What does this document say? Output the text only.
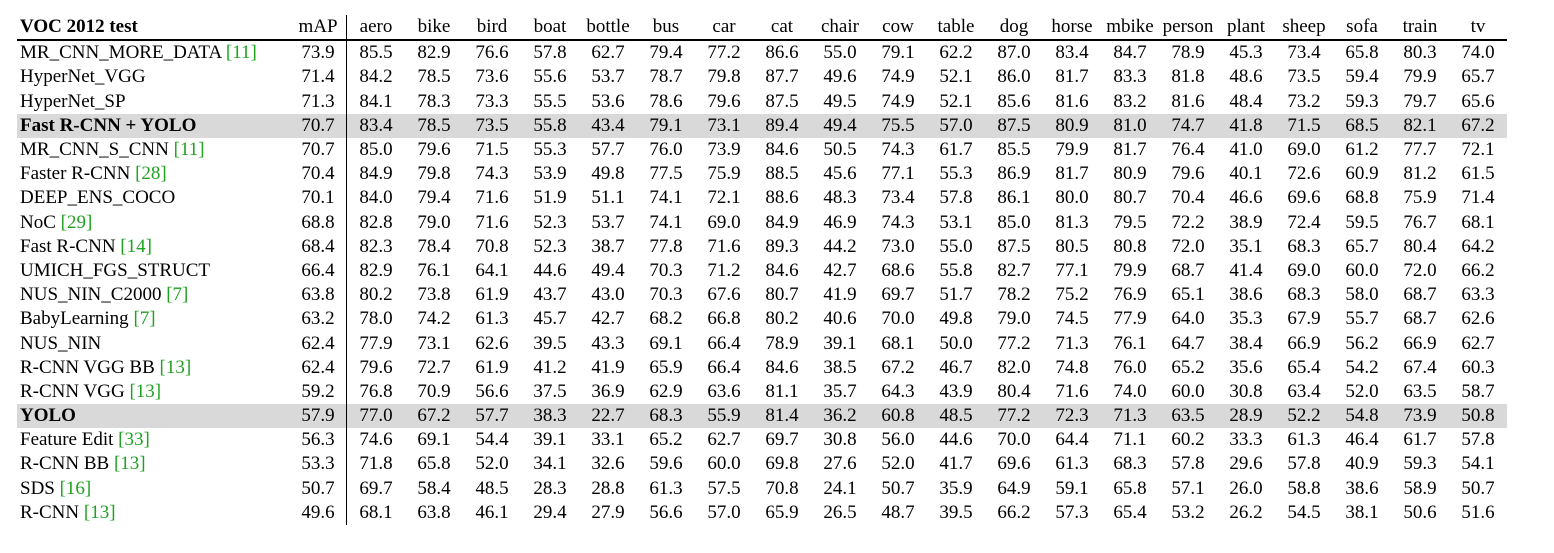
VOC 2012 test	mAP	aero	bike	bird	boat	bottle	bus	car	cat	chair	cow	table	dog	horse	mbike	person	plant	sheep	sofa	train	tv
MR_CNN_MORE_DATA [11]	73.9	85.5	82.9	76.6	57.8	62.7	79.4	77.2	86.6	55.0	79.1	62.2	87.0	83.4	84.7	78.9	45.3	73.4	65.8	80.3	74.0
HyperNet_VGG	71.4	84.2	78.5	73.6	55.6	53.7	78.7	79.8	87.7	49.6	74.9	52.1	86.0	81.7	83.3	81.8	48.6	73.5	59.4	79.9	65.7
HyperNet_SP	71.3	84.1	78.3	73.3	55.5	53.6	78.6	79.6	87.5	49.5	74.9	52.1	85.6	81.6	83.2	81.6	48.4	73.2	59.3	79.7	65.6
Fast R-CNN + YOLO	70.7	83.4	78.5	73.5	55.8	43.4	79.1	73.1	89.4	49.4	75.5	57.0	87.5	80.9	81.0	74.7	41.8	71.5	68.5	82.1	67.2
MR_CNN_S_CNN [11]	70.7	85.0	79.6	71.5	55.3	57.7	76.0	73.9	84.6	50.5	74.3	61.7	85.5	79.9	81.7	76.4	41.0	69.0	61.2	77.7	72.1
Faster R-CNN [28]	70.4	84.9	79.8	74.3	53.9	49.8	77.5	75.9	88.5	45.6	77.1	55.3	86.9	81.7	80.9	79.6	40.1	72.6	60.9	81.2	61.5
DEEP_ENS_COCO	70.1	84.0	79.4	71.6	51.9	51.1	74.1	72.1	88.6	48.3	73.4	57.8	86.1	80.0	80.7	70.4	46.6	69.6	68.8	75.9	71.4
NoC [29]	68.8	82.8	79.0	71.6	52.3	53.7	74.1	69.0	84.9	46.9	74.3	53.1	85.0	81.3	79.5	72.2	38.9	72.4	59.5	76.7	68.1
Fast R-CNN [14]	68.4	82.3	78.4	70.8	52.3	38.7	77.8	71.6	89.3	44.2	73.0	55.0	87.5	80.5	80.8	72.0	35.1	68.3	65.7	80.4	64.2
UMICH_FGS_STRUCT	66.4	82.9	76.1	64.1	44.6	49.4	70.3	71.2	84.6	42.7	68.6	55.8	82.7	77.1	79.9	68.7	41.4	69.0	60.0	72.0	66.2
NUS_NIN_C2000 [7]	63.8	80.2	73.8	61.9	43.7	43.0	70.3	67.6	80.7	41.9	69.7	51.7	78.2	75.2	76.9	65.1	38.6	68.3	58.0	68.7	63.3
BabyLearning [7]	63.2	78.0	74.2	61.3	45.7	42.7	68.2	66.8	80.2	40.6	70.0	49.8	79.0	74.5	77.9	64.0	35.3	67.9	55.7	68.7	62.6
NUS_NIN	62.4	77.9	73.1	62.6	39.5	43.3	69.1	66.4	78.9	39.1	68.1	50.0	77.2	71.3	76.1	64.7	38.4	66.9	56.2	66.9	62.7
R-CNN VGG BB [13]	62.4	79.6	72.7	61.9	41.2	41.9	65.9	66.4	84.6	38.5	67.2	46.7	82.0	74.8	76.0	65.2	35.6	65.4	54.2	67.4	60.3
R-CNN VGG [13]	59.2	76.8	70.9	56.6	37.5	36.9	62.9	63.6	81.1	35.7	64.3	43.9	80.4	71.6	74.0	60.0	30.8	63.4	52.0	63.5	58.7
YOLO	57.9	77.0	67.2	57.7	38.3	22.7	68.3	55.9	81.4	36.2	60.8	48.5	77.2	72.3	71.3	63.5	28.9	52.2	54.8	73.9	50.8
Feature Edit [33]	56.3	74.6	69.1	54.4	39.1	33.1	65.2	62.7	69.7	30.8	56.0	44.6	70.0	64.4	71.1	60.2	33.3	61.3	46.4	61.7	57.8
R-CNN BB [13]	53.3	71.8	65.8	52.0	34.1	32.6	59.6	60.0	69.8	27.6	52.0	41.7	69.6	61.3	68.3	57.8	29.6	57.8	40.9	59.3	54.1
SDS [16]	50.7	69.7	58.4	48.5	28.3	28.8	61.3	57.5	70.8	24.1	50.7	35.9	64.9	59.1	65.8	57.1	26.0	58.8	38.6	58.9	50.7
R-CNN [13]	49.6	68.1	63.8	46.1	29.4	27.9	56.6	57.0	65.9	26.5	48.7	39.5	66.2	57.3	65.4	53.2	26.2	54.5	38.1	50.6	51.6
